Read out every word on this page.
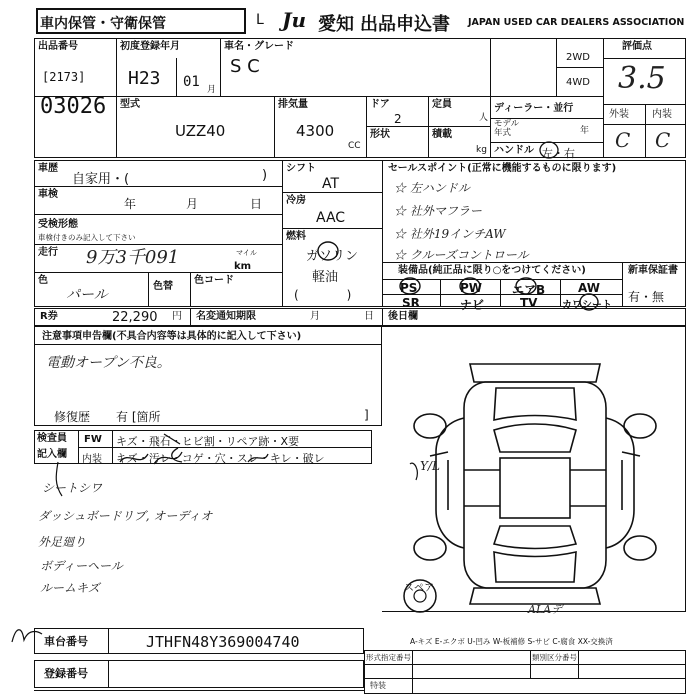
車内保管・守衛保管	L Ju 愛知 出品申込書 JAPAN USED CAR DEALERS ASSOCIATION
出品番号
[2173]
03026
初度登録年月
H23 01 月
車名・グレード
S C	2WD
4WD
評価点
3.5
外装 内装
C C
型式
UZZ40
排気量
4300
CC
ドア
2
形状
定員
人
積載
kg
ディーラー・並行
モデル
年式	年
ハンドル 左・右
車歴
自家用・(	)
車検
年	月	日
受検形態
車検付きのみ記入して下さい
走行 9万3千091	マイル
km
色
パール
色替
色コード
シフト
AT
冷房
AAC
燃料
ガソリン
軽油
(　　　　)
セールスポイント(正常に機能するものに限ります)
☆ 左ハンドル
☆ 社外マフラー
☆ 社外19インチAW
☆ クルーズコントロール
装備品(純正品に限り○をつけてください)
PS	PW エアB	AW
SR	ナビ	TV カワシート
新車保証書
有・無
R券	22,290 円 名変通知期限	月	日 後日欄
注意事項申告欄(不具合内容等は具体的に記入して下さい)
電動オープン不良。
修復歴 有 [箇所	]
検査員
記入欄
FW キズ・飛石・ヒビ割・リペア跡・X要
内装 キズ・汚レ・コゲ・穴・スレ・キレ・破レ
シートシワ
ダッシュボードリブ, オーディオ
外足廻り
ボディーヘール
ルームキズ	スペア
Y/L
ALAデ
A-キズ E-エクボ U-凹み W-板補修 S-サビ C-腐食 XX-交換済
車台番号	JTHFN48Y369004740
登録番号
形式指定番号	類別区分番号
特装
